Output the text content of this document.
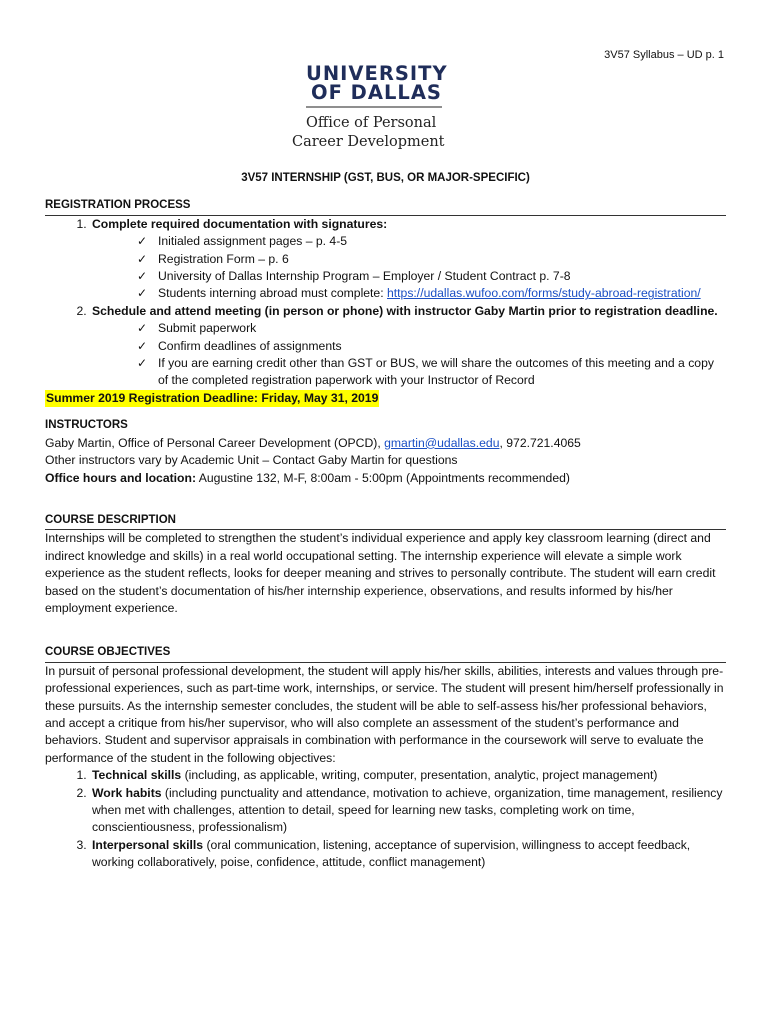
3V57 Syllabus – UD p. 1
UNIVERSITY
OF DALLAS
Office of Personal
Career Development
3V57 INTERNSHIP (GST, BUS, OR MAJOR-SPECIFIC)
REGISTRATION PROCESS
1. Complete required documentation with signatures:
✓ Initialed assignment pages – p. 4-5
✓ Registration Form – p. 6
✓ University of Dallas Internship Program – Employer / Student Contract p. 7-8
✓ Students interning abroad must complete: https://udallas.wufoo.com/forms/study-abroad-registration/
2. Schedule and attend meeting (in person or phone) with instructor Gaby Martin prior to registration deadline.
✓ Submit paperwork
✓ Confirm deadlines of assignments
✓ If you are earning credit other than GST or BUS, we will share the outcomes of this meeting and a copy of the completed registration paperwork with your Instructor of Record
Summer 2019 Registration Deadline: Friday, May 31, 2019
INSTRUCTORS

Gaby Martin, Office of Personal Career Development (OPCD), gmartin@udallas.edu, 972.721.4065

Other instructors vary by Academic Unit – Contact Gaby Martin for questions

Office hours and location: Augustine 132, M-F, 8:00am - 5:00pm (Appointments recommended)

COURSE DESCRIPTION

Internships will be completed to strengthen the student’s individual experience and apply key classroom learning (direct and indirect knowledge and skills) in a real world occupational setting. The internship experience will elevate a simple work experience as the student reflects, looks for deeper meaning and strives to personally contribute. The student will earn credit based on the student’s documentation of his/her internship experience, observations, and results informed by his/her employment experience.

COURSE OBJECTIVES

In pursuit of personal professional development, the student will apply his/her skills, abilities, interests and values through pre-professional experiences, such as part-time work, internships, or service. The student will present him/herself professionally in these pursuits. As the internship semester concludes, the student will be able to self-assess his/her professional behaviors, and accept a critique from his/her supervisor, who will also complete an assessment of the student’s performance and behaviors. Student and supervisor appraisals in combination with performance in the coursework will serve to evaluate the performance of the student in the following objectives:

1. Technical skills (including, as applicable, writing, computer, presentation, analytic, project management)
2. Work habits (including punctuality and attendance, motivation to achieve, organization, time management, resiliency when met with challenges, attention to detail, speed for learning new tasks, completing work on time, conscientiousness, professionalism)
3. Interpersonal skills (oral communication, listening, acceptance of supervision, willingness to accept feedback, working collaboratively, poise, confidence, attitude, conflict management)
